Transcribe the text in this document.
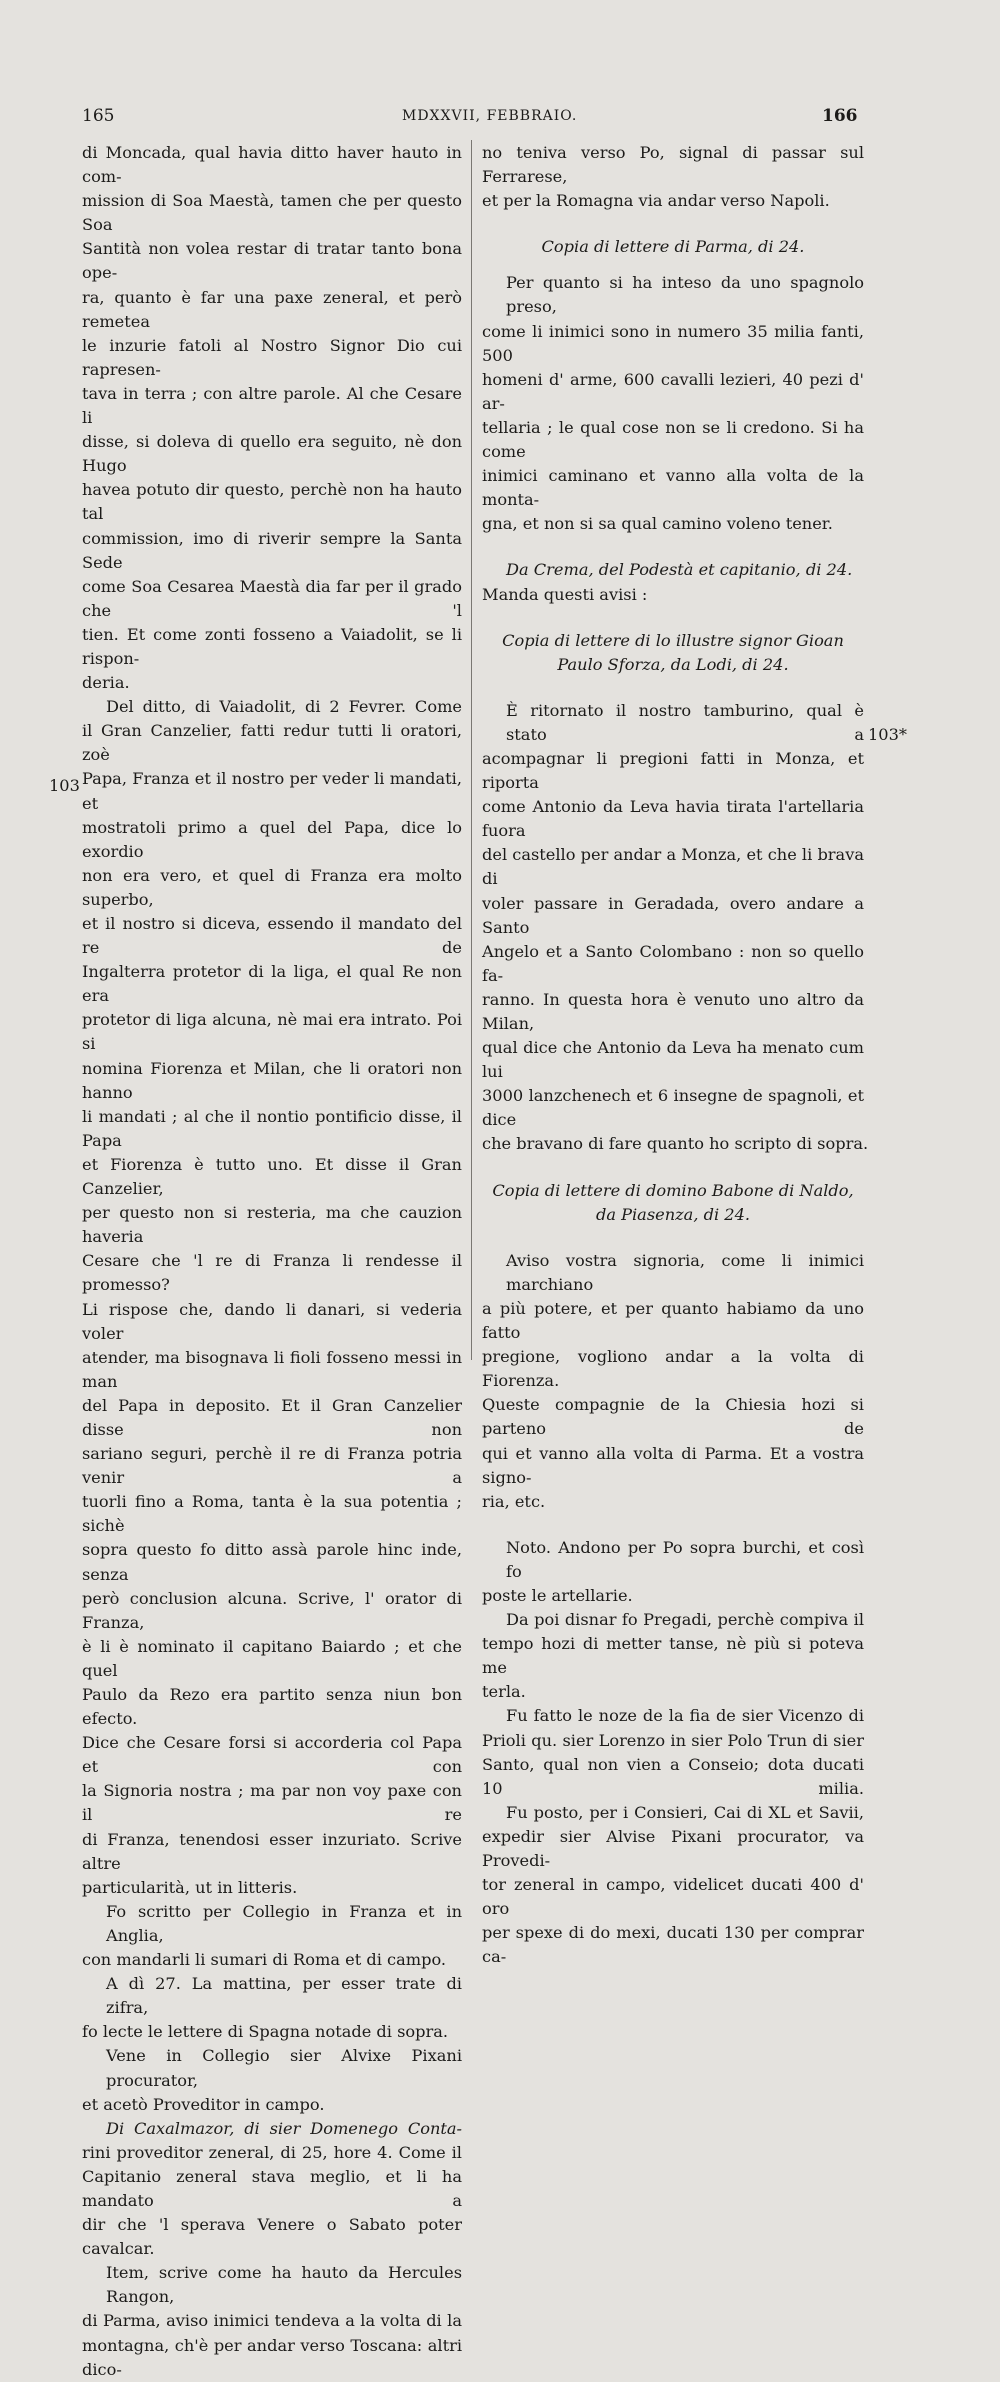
165	MDXXVII, FEBBRAIO.	166
103
103*
di Moncada, qual havia ditto haver hauto in com-
mission di Soa Maestà, tamen che per questo Soa
Santità non volea restar di tratar tanto bona ope-
ra, quanto è far una paxe zeneral, et però remetea
le inzurie fatoli al Nostro Signor Dio cui rapresen-
tava in terra ; con altre parole. Al che Cesare li
disse, si doleva di quello era seguito, nè don Hugo
havea potuto dir questo, perchè non ha hauto tal
commission, imo di riverir sempre la Santa Sede
come Soa Cesarea Maestà dia far per il grado che 'l
tien. Et come zonti fosseno a Vaiadolit, se li rispon-
deria.
Del ditto, di Vaiadolit, di 2 Fevrer. Come
il Gran Canzelier, fatti redur tutti li oratori, zoè
Papa, Franza et il nostro per veder li mandati, et
mostratoli primo a quel del Papa, dice lo exordio
non era vero, et quel di Franza era molto superbo,
et il nostro si diceva, essendo il mandato del re de
Ingalterra protetor di la liga, el qual Re non era
protetor di liga alcuna, nè mai era intrato. Poi si
nomina Fiorenza et Milan, che li oratori non hanno
li mandati ; al che il nontio pontificio disse, il Papa
et Fiorenza è tutto uno. Et disse il Gran Canzelier,
per questo non si resteria, ma che cauzion haveria
Cesare che 'l re di Franza li rendesse il promesso?
Li rispose che, dando li danari, si vederia voler
atender, ma bisognava li fioli fosseno messi in man
del Papa in deposito. Et il Gran Canzelier disse non
sariano seguri, perchè il re di Franza potria venir a
tuorli fino a Roma, tanta è la sua potentia ; sichè
sopra questo fo ditto assà parole hinc inde, senza
però conclusion alcuna. Scrive, l' orator di Franza,
è li è nominato il capitano Baiardo ; et che quel
Paulo da Rezo era partito senza niun bon efecto.
Dice che Cesare forsi si accorderia col Papa et con
la Signoria nostra ; ma par non voy paxe con il re
di Franza, tenendosi esser inzuriato. Scrive altre
particularità, ut in litteris.
Fo scritto per Collegio in Franza et in Anglia,
con mandarli li sumari di Roma et di campo.
A dì 27. La mattina, per esser trate di zifra,
fo lecte le lettere di Spagna notade di sopra.
Vene in Collegio sier Alvixe Pixani procurator,
et acetò Proveditor in campo.
Di Caxalmazor, di sier Domenego Conta-
rini proveditor zeneral, di 25, hore 4. Come il
Capitanio zeneral stava meglio, et li ha mandato a
dir che 'l sperava Venere o Sabato poter cavalcar.
Item, scrive come ha hauto da Hercules Rangon,
di Parma, aviso inimici tendeva a la volta di la
montagna, ch'è per andar verso Toscana: altri dico-
no teniva verso Po, signal di passar sul Ferrarese,
et per la Romagna via andar verso Napoli.
Copia di lettere di Parma, di 24.
Per quanto si ha inteso da uno spagnolo preso,
come li inimici sono in numero 35 milia fanti, 500
homeni d' arme, 600 cavalli lezieri, 40 pezi d' ar-
tellaria ; le qual cose non se li credono. Si ha come
inimici caminano et vanno alla volta de la monta-
gna, et non si sa qual camino voleno tener.
Da Crema, del Podestà et capitanio, di 24.
Manda questi avisi :
Copia di lettere di lo illustre signor Gioan
Paulo Sforza, da Lodi, di 24.
È ritornato il nostro tamburino, qual è stato a
acompagnar li pregioni fatti in Monza, et riporta
come Antonio da Leva havia tirata l'artellaria fuora
del castello per andar a Monza, et che li brava di
voler passare in Geradada, overo andare a Santo
Angelo et a Santo Colombano : non so quello fa-
ranno. In questa hora è venuto uno altro da Milan,
qual dice che Antonio da Leva ha menato cum lui
3000 lanzchenech et 6 insegne de spagnoli, et dice
che bravano di fare quanto ho scripto di sopra.
Copia di lettere di domino Babone di Naldo,
da Piasenza, di 24.
Aviso vostra signoria, come li inimici marchiano
a più potere, et per quanto habiamo da uno fatto
pregione, vogliono andar a la volta di Fiorenza.
Queste compagnie de la Chiesia hozi si parteno de
qui et vanno alla volta di Parma. Et a vostra signo-
ria, etc.
Noto. Andono per Po sopra burchi, et così fo
poste le artellarie.
Da poi disnar fo Pregadi, perchè compiva il
tempo hozi di metter tanse, nè più si poteva me
terla.
Fu fatto le noze de la fia de sier Vicenzo di
Prioli qu. sier Lorenzo in sier Polo Trun di sier
Santo, qual non vien a Conseio; dota ducati 10 milia.
Fu posto, per i Consieri, Cai di XL et Savii,
expedir sier Alvise Pixani procurator, va Provedi-
tor zeneral in campo, videlicet ducati 400 d' oro
per spexe di do mexi, ducati 130 per comprar ca-
